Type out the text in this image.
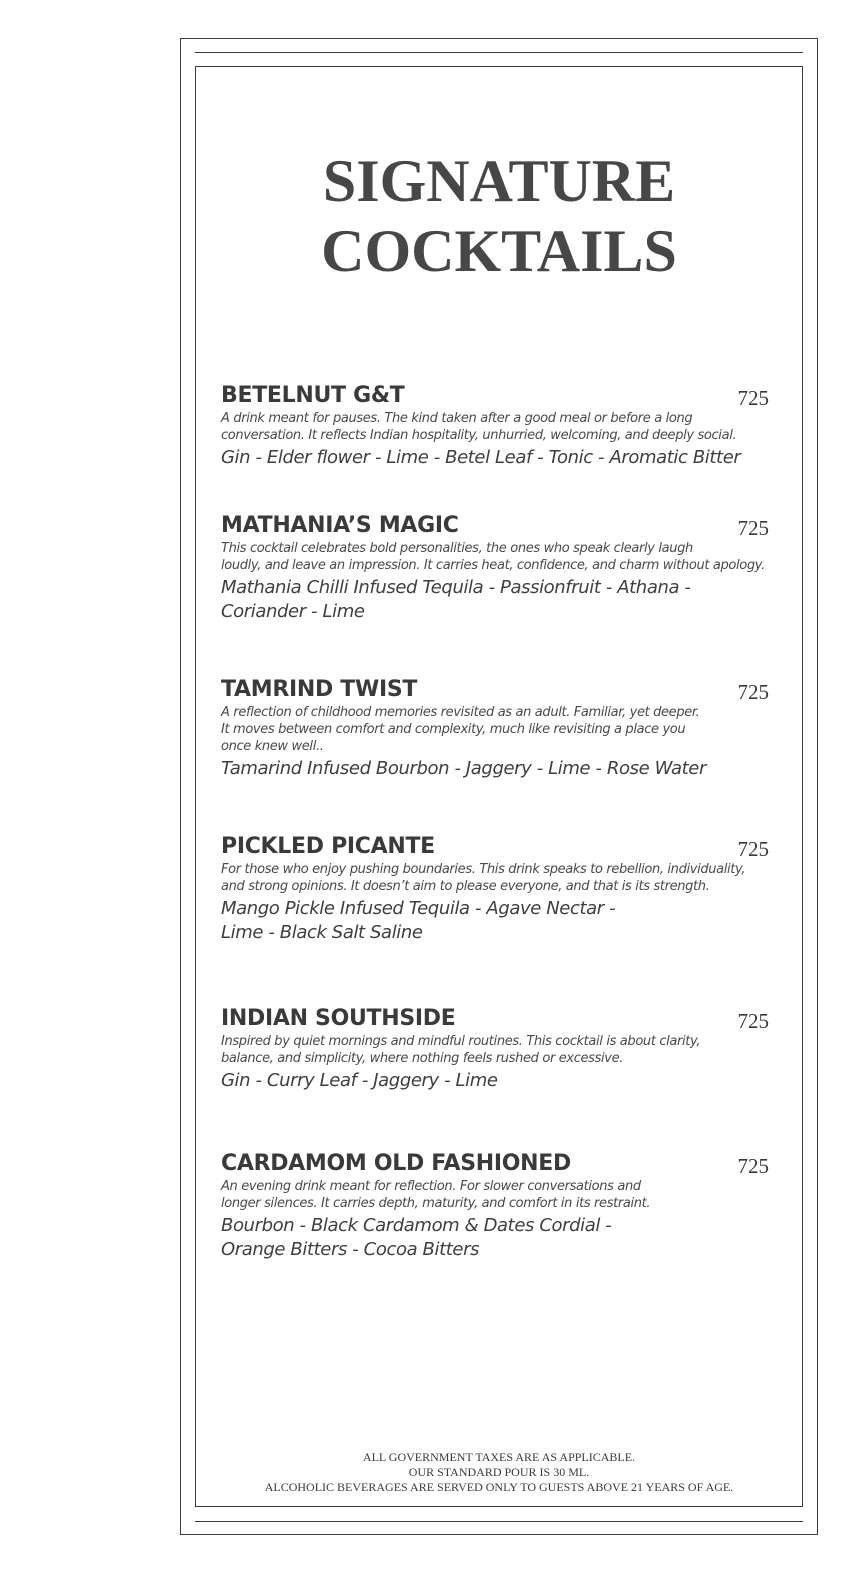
SIGNATURE
COCKTAILS
BETELNUT G&T	725
A drink meant for pauses. The kind taken after a good meal or before a long
conversation. It reflects Indian hospitality, unhurried, welcoming, and deeply social.
Gin - Elder flower - Lime - Betel Leaf - Tonic - Aromatic Bitter
MATHANIA’S MAGIC	725
This cocktail celebrates bold personalities, the ones who speak clearly laugh
loudly, and leave an impression. It carries heat, confidence, and charm without apology.
Mathania Chilli Infused Tequila - Passionfruit - Athana -
Coriander - Lime
TAMRIND TWIST	725
A reflection of childhood memories revisited as an adult. Familiar, yet deeper.
It moves between comfort and complexity, much like revisiting a place you
once knew well..
Tamarind Infused Bourbon - Jaggery - Lime - Rose Water
PICKLED PICANTE	725
For those who enjoy pushing boundaries. This drink speaks to rebellion, individuality,
and strong opinions. It doesn’t aim to please everyone, and that is its strength.
Mango Pickle Infused Tequila - Agave Nectar -
Lime - Black Salt Saline
INDIAN SOUTHSIDE	725
Inspired by quiet mornings and mindful routines. This cocktail is about clarity,
balance, and simplicity, where nothing feels rushed or excessive.
Gin - Curry Leaf - Jaggery - Lime
CARDAMOM OLD FASHIONED	725
An evening drink meant for reflection. For slower conversations and
longer silences. It carries depth, maturity, and comfort in its restraint.
Bourbon - Black Cardamom & Dates Cordial -
Orange Bitters - Cocoa Bitters
ALL GOVERNMENT TAXES ARE AS APPLICABLE.
OUR STANDARD POUR IS 30 ML.
ALCOHOLIC BEVERAGES ARE SERVED ONLY TO GUESTS ABOVE 21 YEARS OF AGE.
